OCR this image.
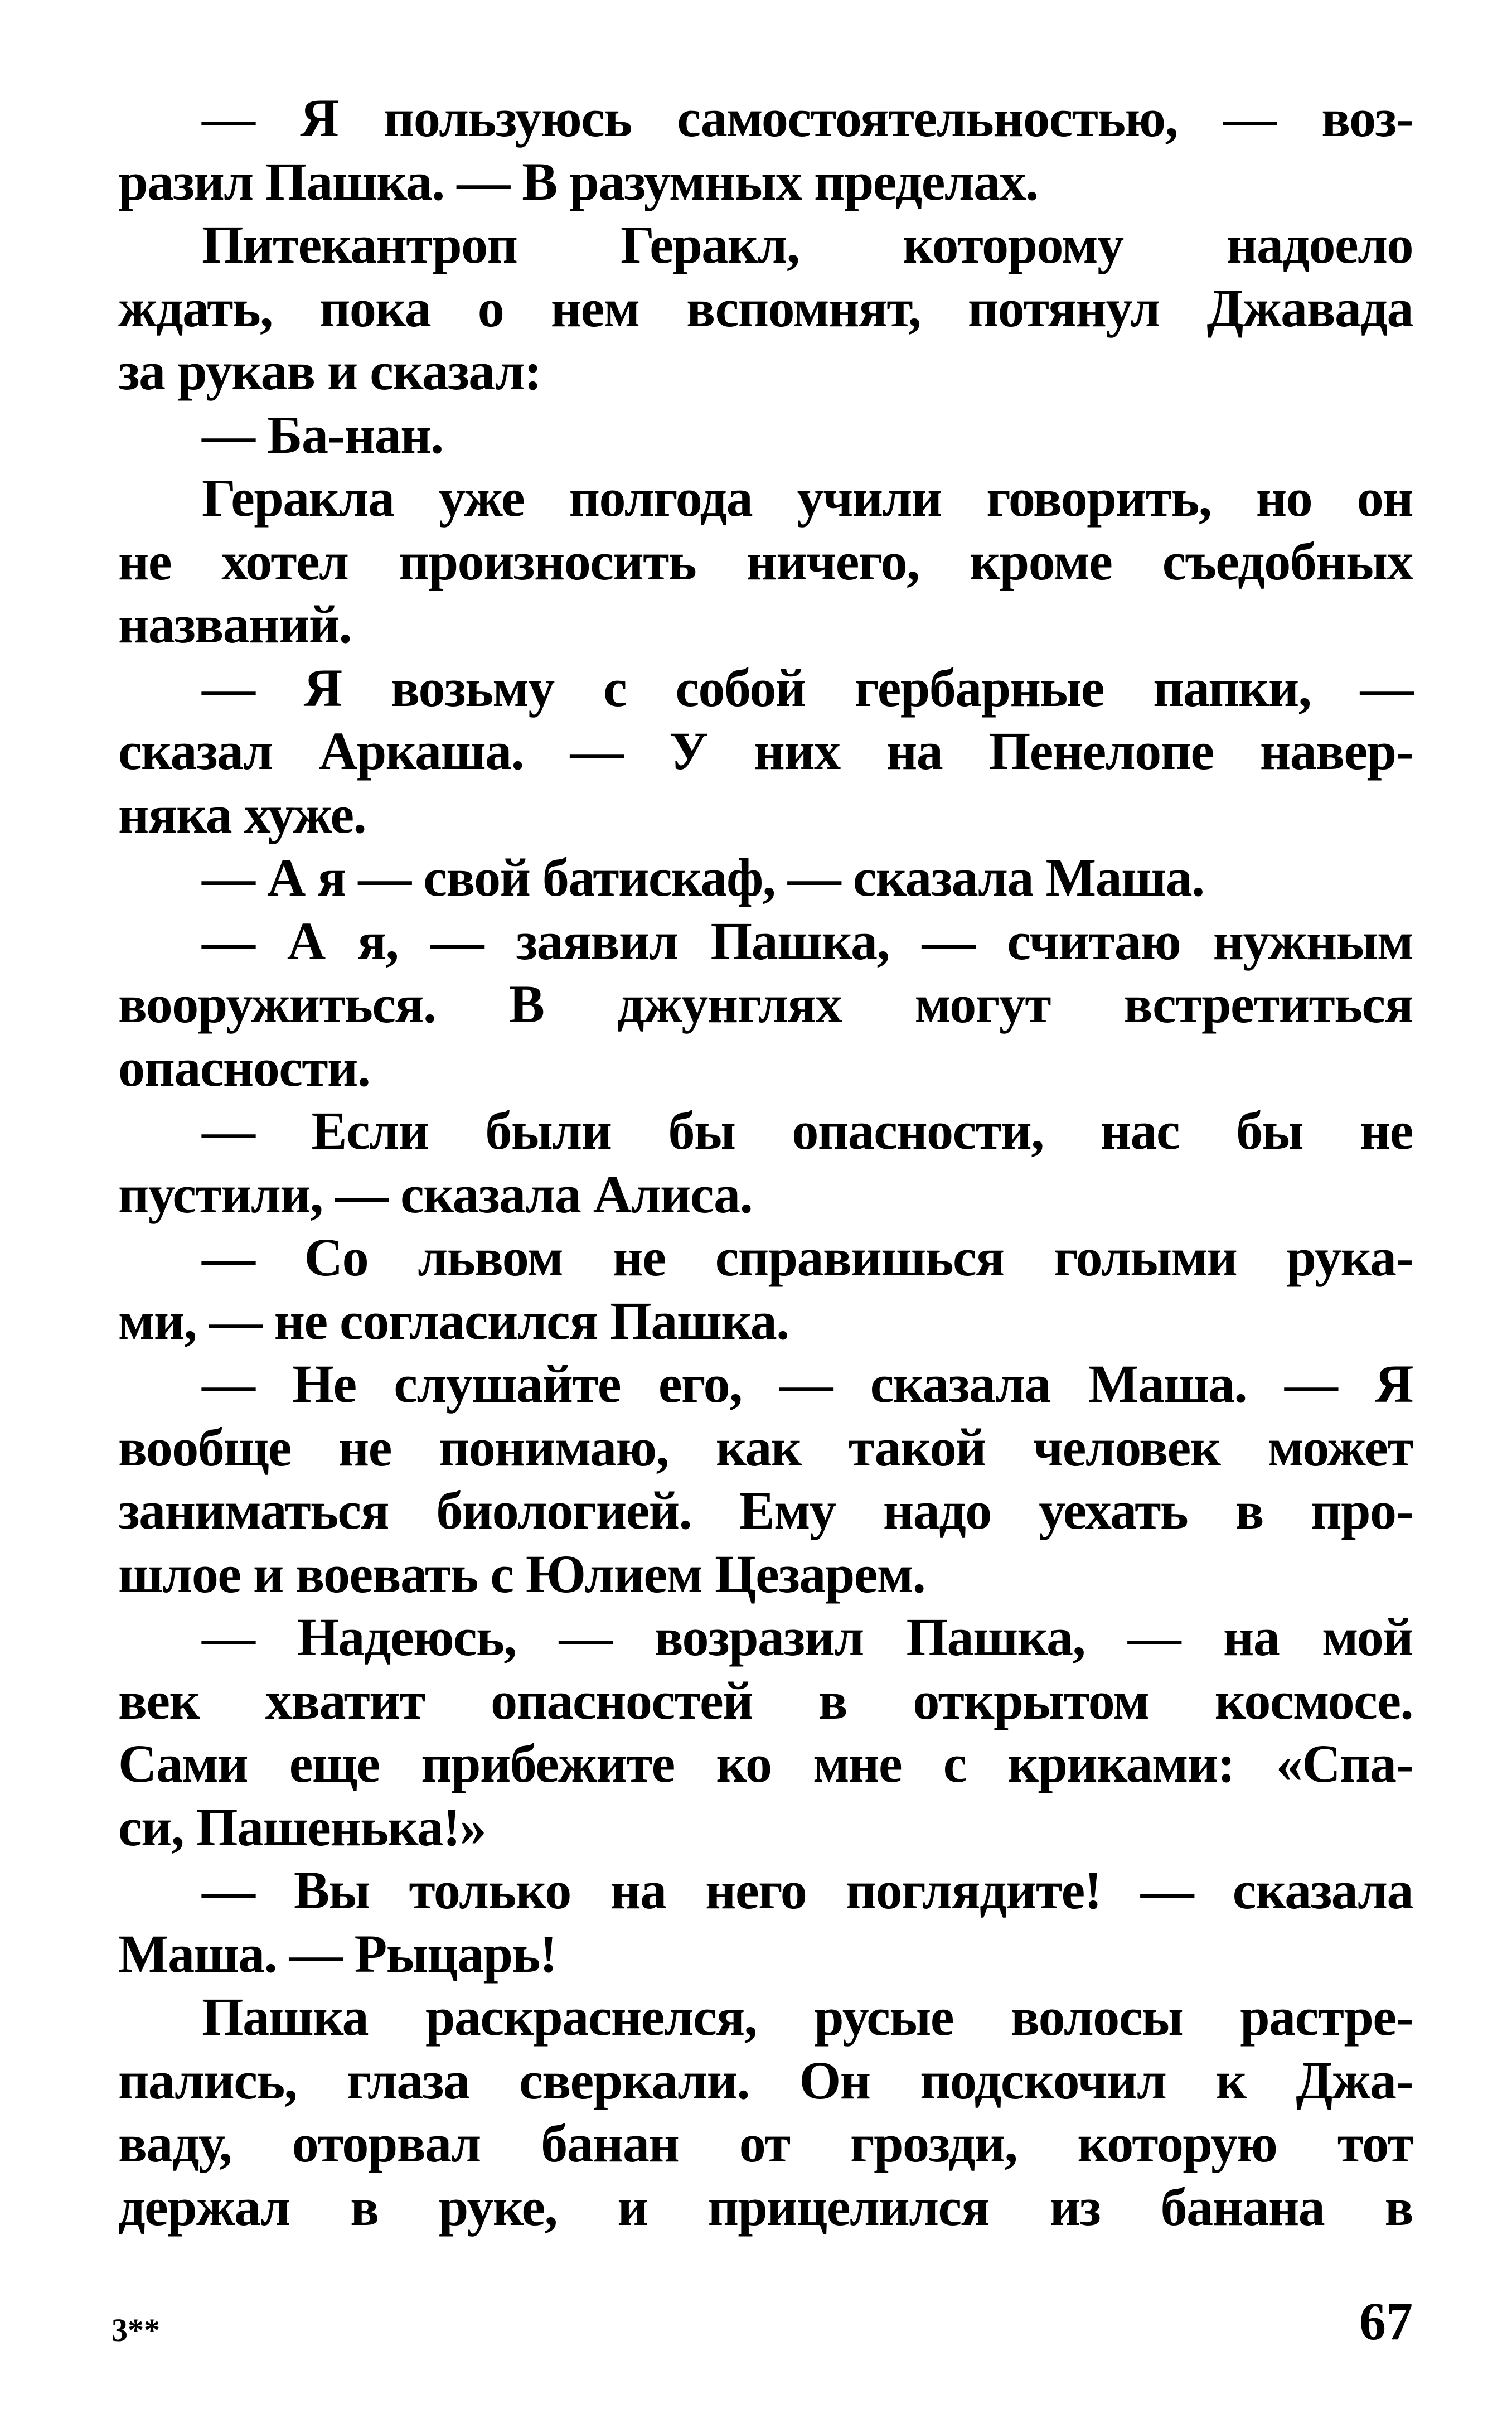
— Я пользуюсь самостоятельностью, — воз-
разил Пашка. — В разумных пределах.
Питекантроп Геракл, которому надоело
ждать, пока о нем вспомнят, потянул Джавада
за рукав и сказал:
— Ба-нан.
Геракла уже полгода учили говорить, но он
не хотел произносить ничего, кроме съедобных
названий.
— Я возьму с собой гербарные папки, —
сказал Аркаша. — У них на Пенелопе навер-
няка хуже.
— А я — свой батискаф, — сказала Маша.
— А я, — заявил Пашка, — считаю нужным
вооружиться. В джунглях могут встретиться
опасности.
— Если были бы опасности, нас бы не
пустили, — сказала Алиса.
— Со львом не справишься голыми рука-
ми, — не согласился Пашка.
— Не слушайте его, — сказала Маша. — Я
вообще не понимаю, как такой человек может
заниматься биологией. Ему надо уехать в про-
шлое и воевать с Юлием Цезарем.
— Надеюсь, — возразил Пашка, — на мой
век хватит опасностей в открытом космосе.
Сами еще прибежите ко мне с криками: «Спа-
си, Пашенька!»
— Вы только на него поглядите! — сказала
Маша. — Рыцарь!
Пашка раскраснелся, русые волосы растре-
пались, глаза сверкали. Он подскочил к Джа-
ваду, оторвал банан от грозди, которую тот
держал в руке, и прицелился из банана в
3**	67
